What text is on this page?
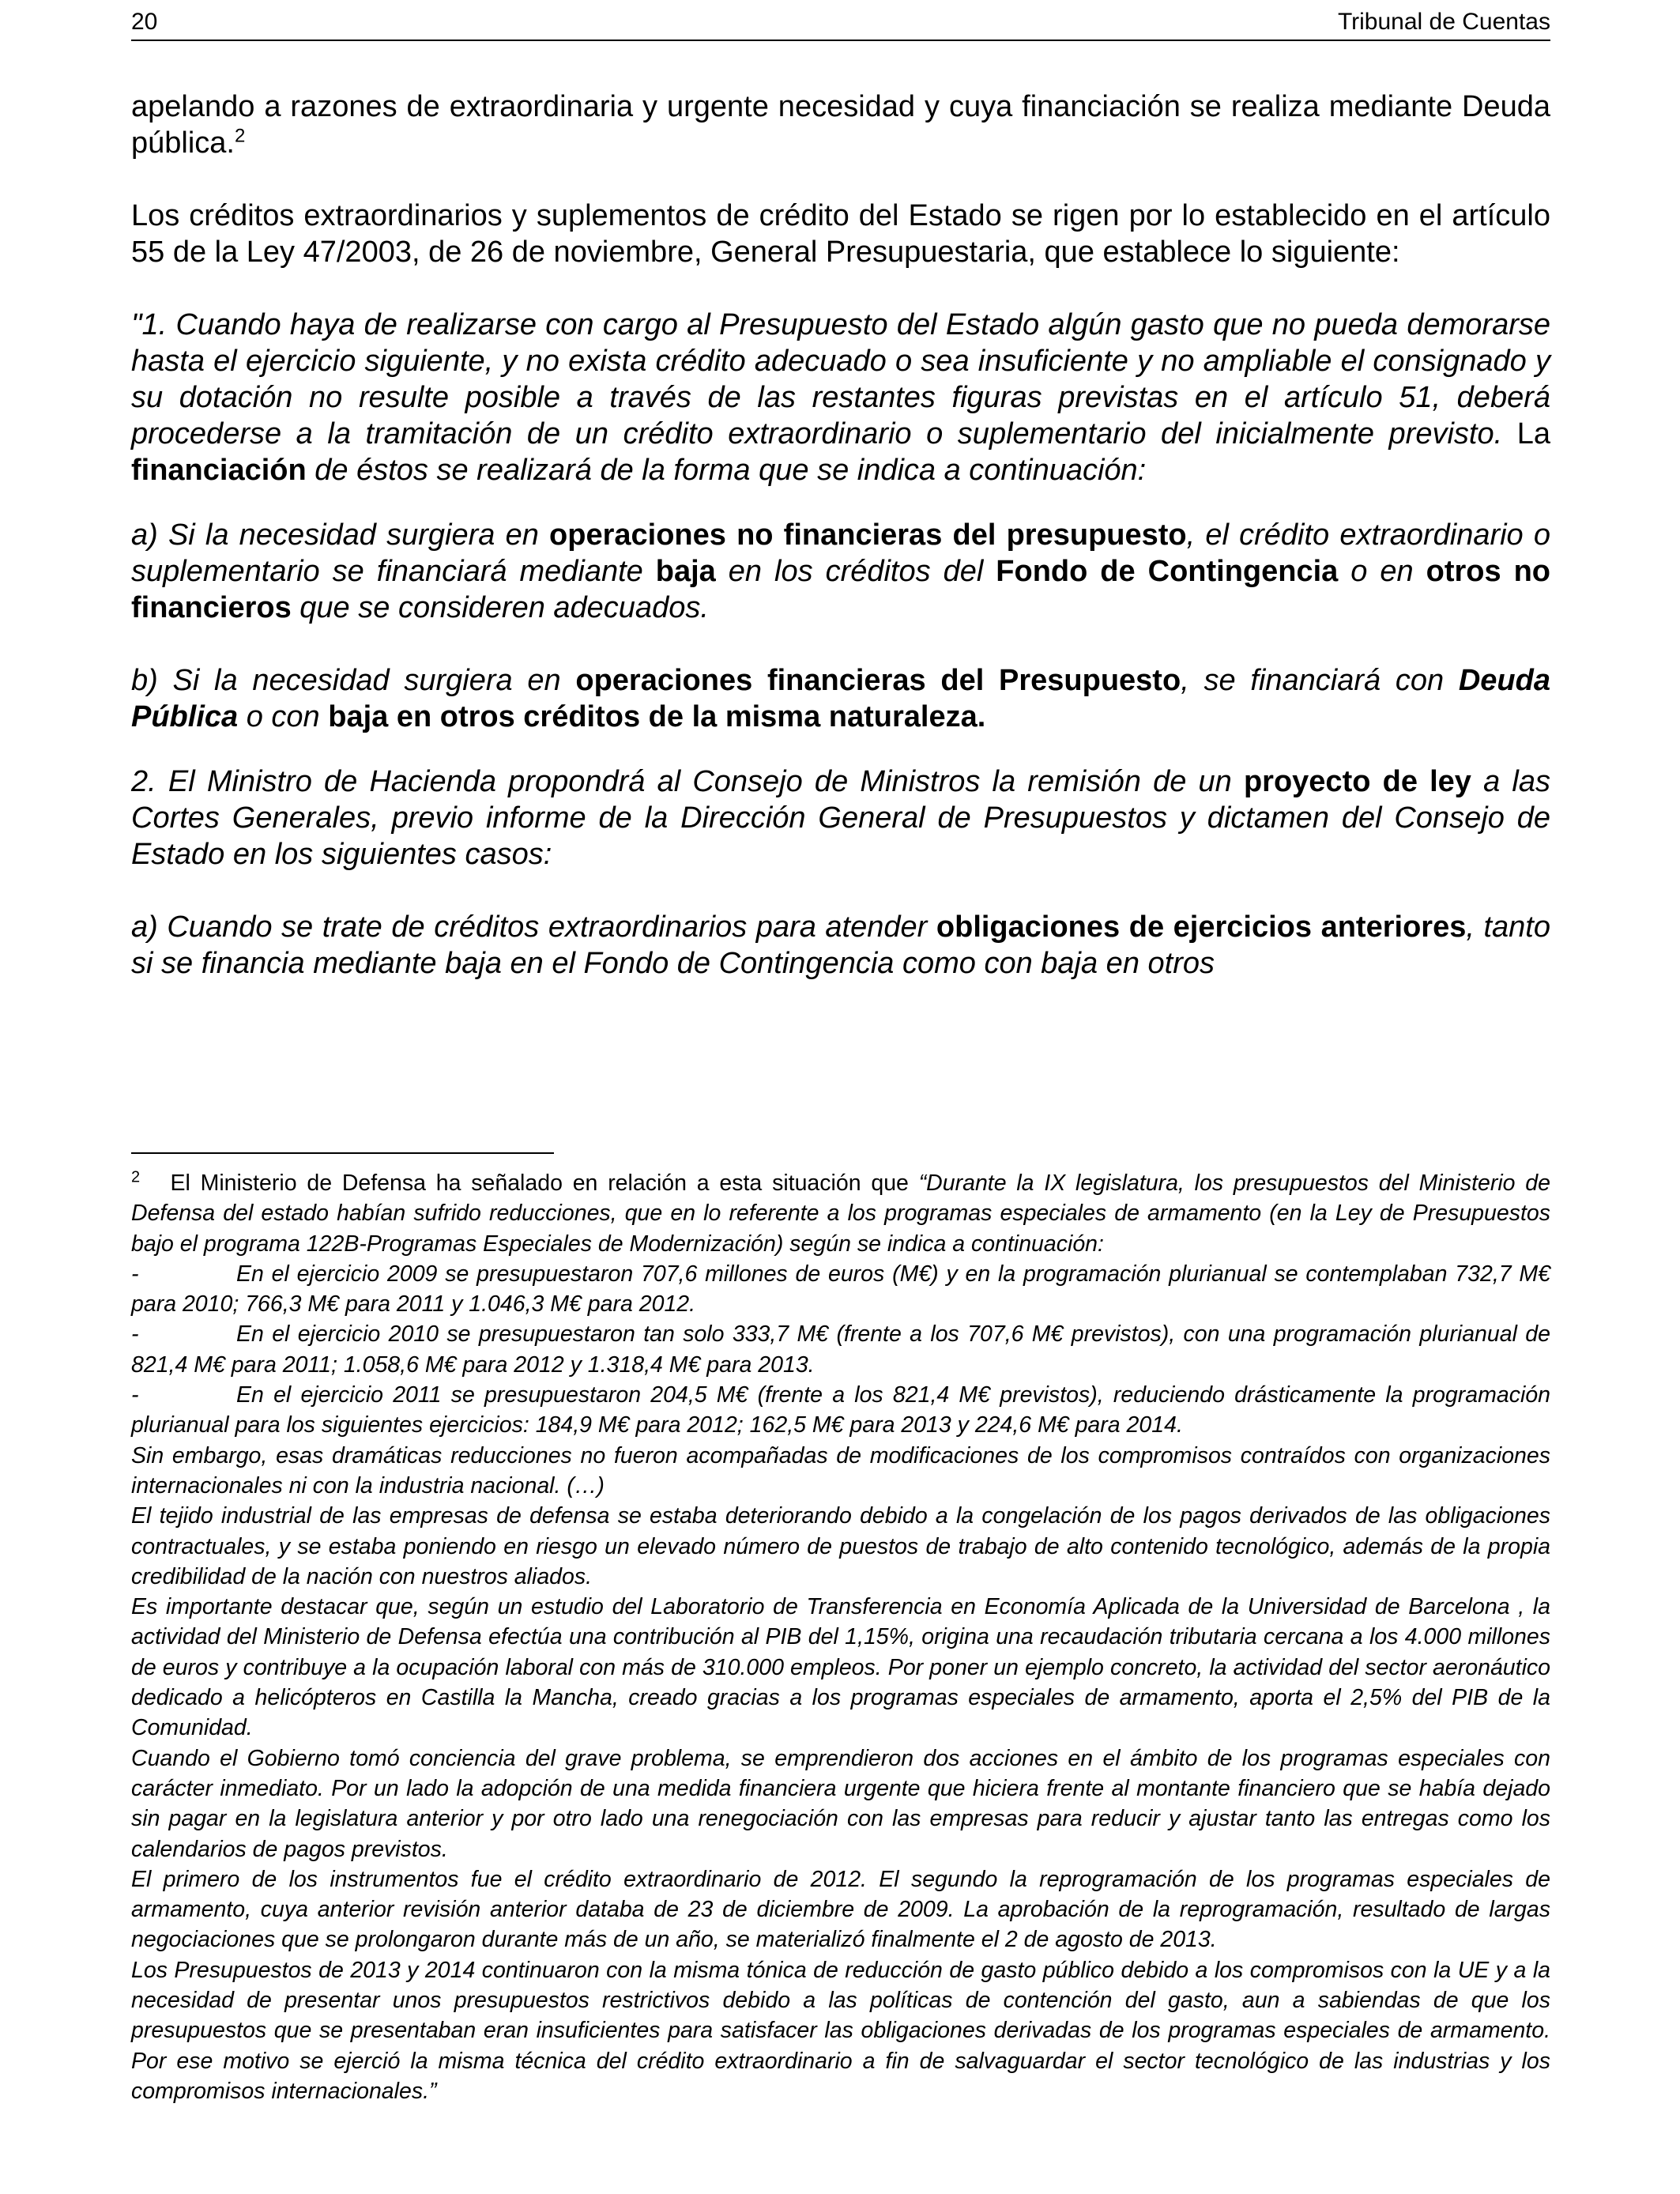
20	Tribunal de Cuentas

apelando a razones de extraordinaria y urgente necesidad y cuya financiación se realiza mediante Deuda pública.$^2$

Los créditos extraordinarios y suplementos de crédito del Estado se rigen por lo establecido en el artículo 55 de la Ley 47/2003, de 26 de noviembre, General Presupuestaria, que establece lo siguiente:

"1. Cuando haya de realizarse con cargo al Presupuesto del Estado algún gasto que no pueda demorarse hasta el ejercicio siguiente, y no exista crédito adecuado o sea insuficiente y no ampliable el consignado y su dotación no resulte posible a través de las restantes figuras previstas en el artículo 51, deberá procederse a la tramitación de un crédito extraordinario o suplementario del inicialmente previsto. La financiación de éstos se realizará de la forma que se indica a continuación:

a) Si la necesidad surgiera en operaciones no financieras del presupuesto, el crédito extraordinario o suplementario se financiará mediante baja en los créditos del Fondo de Contingencia o en otros no financieros que se consideren adecuados.

b) Si la necesidad surgiera en operaciones financieras del Presupuesto, se financiará con Deuda Pública o con baja en otros créditos de la misma naturaleza.

2. El Ministro de Hacienda propondrá al Consejo de Ministros la remisión de un proyecto de ley a las Cortes Generales, previo informe de la Dirección General de Presupuestos y dictamen del Consejo de Estado en los siguientes casos:

a) Cuando se trate de créditos extraordinarios para atender obligaciones de ejercicios anteriores, tanto si se financia mediante baja en el Fondo de Contingencia como con baja en otros

$^2$ El Ministerio de Defensa ha señalado en relación a esta situación que “Durante la IX legislatura, los presupuestos del Ministerio de Defensa del estado habían sufrido reducciones, que en lo referente a los programas especiales de armamento (en la Ley de Presupuestos bajo el programa 122B-Programas Especiales de Modernización) según se indica a continuación:

-	En el ejercicio 2009 se presupuestaron 707,6 millones de euros (M€) y en la programación plurianual se contemplaban 732,7 M€ para 2010; 766,3 M€ para 2011 y 1.046,3 M€ para 2012.

-	En el ejercicio 2010 se presupuestaron tan solo 333,7 M€ (frente a los 707,6 M€ previstos), con una programación plurianual de 821,4 M€ para 2011; 1.058,6 M€ para 2012 y 1.318,4 M€ para 2013.

-	En el ejercicio 2011 se presupuestaron 204,5 M€ (frente a los 821,4 M€ previstos), reduciendo drásticamente la programación plurianual para los siguientes ejercicios: 184,9 M€ para 2012; 162,5 M€ para 2013 y 224,6 M€ para 2014.

Sin embargo, esas dramáticas reducciones no fueron acompañadas de modificaciones de los compromisos contraídos con organizaciones internacionales ni con la industria nacional. (…)

El tejido industrial de las empresas de defensa se estaba deteriorando debido a la congelación de los pagos derivados de las obligaciones contractuales, y se estaba poniendo en riesgo un elevado número de puestos de trabajo de alto contenido tecnológico, además de la propia credibilidad de la nación con nuestros aliados.

Es importante destacar que, según un estudio del Laboratorio de Transferencia en Economía Aplicada de la Universidad de Barcelona , la actividad del Ministerio de Defensa efectúa una contribución al PIB del 1,15%, origina una recaudación tributaria cercana a los 4.000 millones de euros y contribuye a la ocupación laboral con más de 310.000 empleos. Por poner un ejemplo concreto, la actividad del sector aeronáutico dedicado a helicópteros en Castilla la Mancha, creado gracias a los programas especiales de armamento, aporta el 2,5% del PIB de la Comunidad.

Cuando el Gobierno tomó conciencia del grave problema, se emprendieron dos acciones en el ámbito de los programas especiales con carácter inmediato. Por un lado la adopción de una medida financiera urgente que hiciera frente al montante financiero que se había dejado sin pagar en la legislatura anterior y por otro lado una renegociación con las empresas para reducir y ajustar tanto las entregas como los calendarios de pagos previstos.

El primero de los instrumentos fue el crédito extraordinario de 2012. El segundo la reprogramación de los programas especiales de armamento, cuya anterior revisión anterior databa de 23 de diciembre de 2009. La aprobación de la reprogramación, resultado de largas negociaciones que se prolongaron durante más de un año, se materializó finalmente el 2 de agosto de 2013.

Los Presupuestos de 2013 y 2014 continuaron con la misma tónica de reducción de gasto público debido a los compromisos con la UE y a la necesidad de presentar unos presupuestos restrictivos debido a las políticas de contención del gasto, aun a sabiendas de que los presupuestos que se presentaban eran insuficientes para satisfacer las obligaciones derivadas de los programas especiales de armamento. Por ese motivo se ejerció la misma técnica del crédito extraordinario a fin de salvaguardar el sector tecnológico de las industrias y los compromisos internacionales.”
